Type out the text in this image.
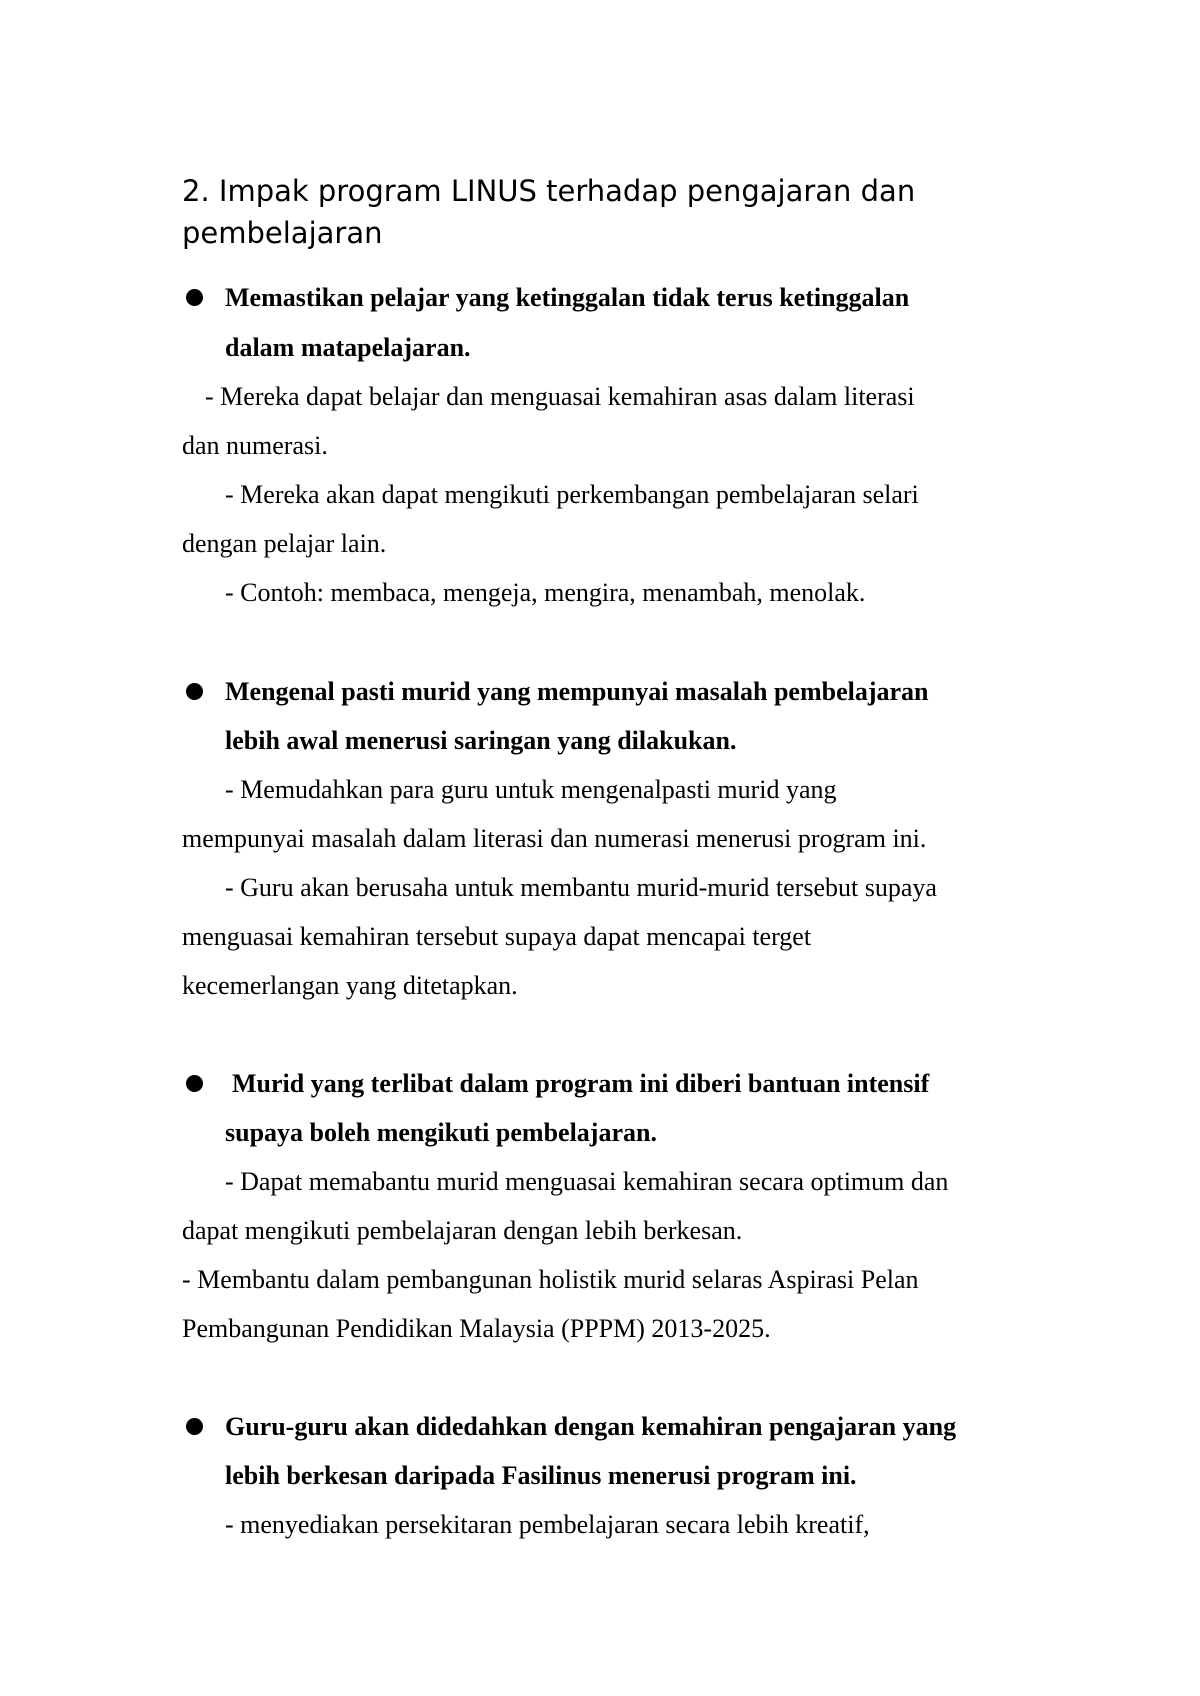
2. Impak program LINUS terhadap pengajaran dan pembelajaran
Memastikan pelajar yang ketinggalan tidak terus ketinggalan
dalam matapelajaran.
- Mereka dapat belajar dan menguasai kemahiran asas dalam literasi
dan numerasi.
- Mereka akan dapat mengikuti perkembangan pembelajaran selari
dengan pelajar lain.
- Contoh: membaca, mengeja, mengira, menambah, menolak.
Mengenal pasti murid yang mempunyai masalah pembelajaran
lebih awal menerusi saringan yang dilakukan.
- Memudahkan para guru untuk mengenalpasti murid yang
mempunyai masalah dalam literasi dan numerasi menerusi program ini.
- Guru akan berusaha untuk membantu murid-murid tersebut supaya
menguasai kemahiran tersebut supaya dapat mencapai terget
kecemerlangan yang ditetapkan.
Murid yang terlibat dalam program ini diberi bantuan intensif
supaya boleh mengikuti pembelajaran.
- Dapat memabantu murid menguasai kemahiran secara optimum dan
dapat mengikuti pembelajaran dengan lebih berkesan.
- Membantu dalam pembangunan holistik murid selaras Aspirasi Pelan
Pembangunan Pendidikan Malaysia (PPPM) 2013-2025.
Guru-guru akan didedahkan dengan kemahiran pengajaran yang
lebih berkesan daripada Fasilinus menerusi program ini.
- menyediakan persekitaran pembelajaran secara lebih kreatif,
